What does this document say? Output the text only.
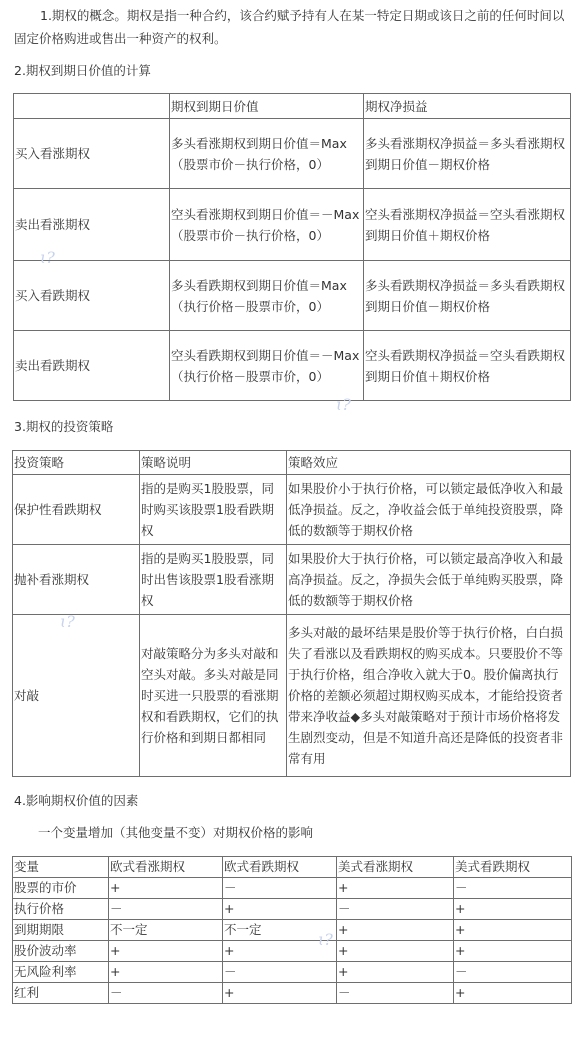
1.期权的概念。期权是指一种合约，该合约赋予持有人在某一特定日期或该日之前的任何时间以固定价格购进或售出一种资产的权利。
2.期权到期日价值的计算
	期权到期日价值	期权净损益
买入看涨期权	多头看涨期权到期日价值＝Max（股票市价－执行价格，0）	多头看涨期权净损益＝多头看涨期权到期日价值－期权价格
卖出看涨期权	空头看涨期权到期日价值＝－Max（股票市价－执行价格，0）	空头看涨期权净损益＝空头看涨期权到期日价值＋期权价格
买入看跌期权	多头看跌期权到期日价值＝Max（执行价格－股票市价，0）	多头看跌期权净损益＝多头看跌期权到期日价值－期权价格
卖出看跌期权	空头看跌期权到期日价值＝－Max（执行价格－股票市价，0）	空头看跌期权净损益＝空头看跌期权到期日价值＋期权价格
3.期权的投资策略
投资策略	策略说明	策略效应
保护性看跌期权	指的是购买1股股票，同时购买该股票1股看跌期权	如果股价小于执行价格，可以锁定最低净收入和最低净损益。反之，净收益会低于单纯投资股票，降低的数额等于期权价格
抛补看涨期权	指的是购买1股股票，同时出售该股票1股看涨期权	如果股价大于执行价格，可以锁定最高净收入和最高净损益。反之，净损失会低于单纯购买股票，降低的数额等于期权价格
对敲	对敲策略分为多头对敲和空头对敲。多头对敲是同时买进一只股票的看涨期权和看跌期权，它们的执行价格和到期日都相同	多头对敲的最坏结果是股价等于执行价格，白白损失了看涨以及看跌期权的购买成本。只要股价不等于执行价格，组合净收入就大于0。股价偏离执行价格的差额必须超过期权购买成本，才能给投资者带来净收益◆多头对敲策略对于预计市场价格将发生剧烈变动，但是不知道升高还是降低的投资者非常有用
4.影响期权价值的因素
一个变量增加（其他变量不变）对期权价格的影响
变量	欧式看涨期权	欧式看跌期权	美式看涨期权	美式看跌期权
股票的市价	+	－	+	－
执行价格	－	+	－	+
到期期限	不一定	不一定	+	+
股价波动率	+	+	+	+
无风险利率	+	－	+	－
红利	－	+	－	+
ɩ?
ɩ?
ɩ?
ɩ?
